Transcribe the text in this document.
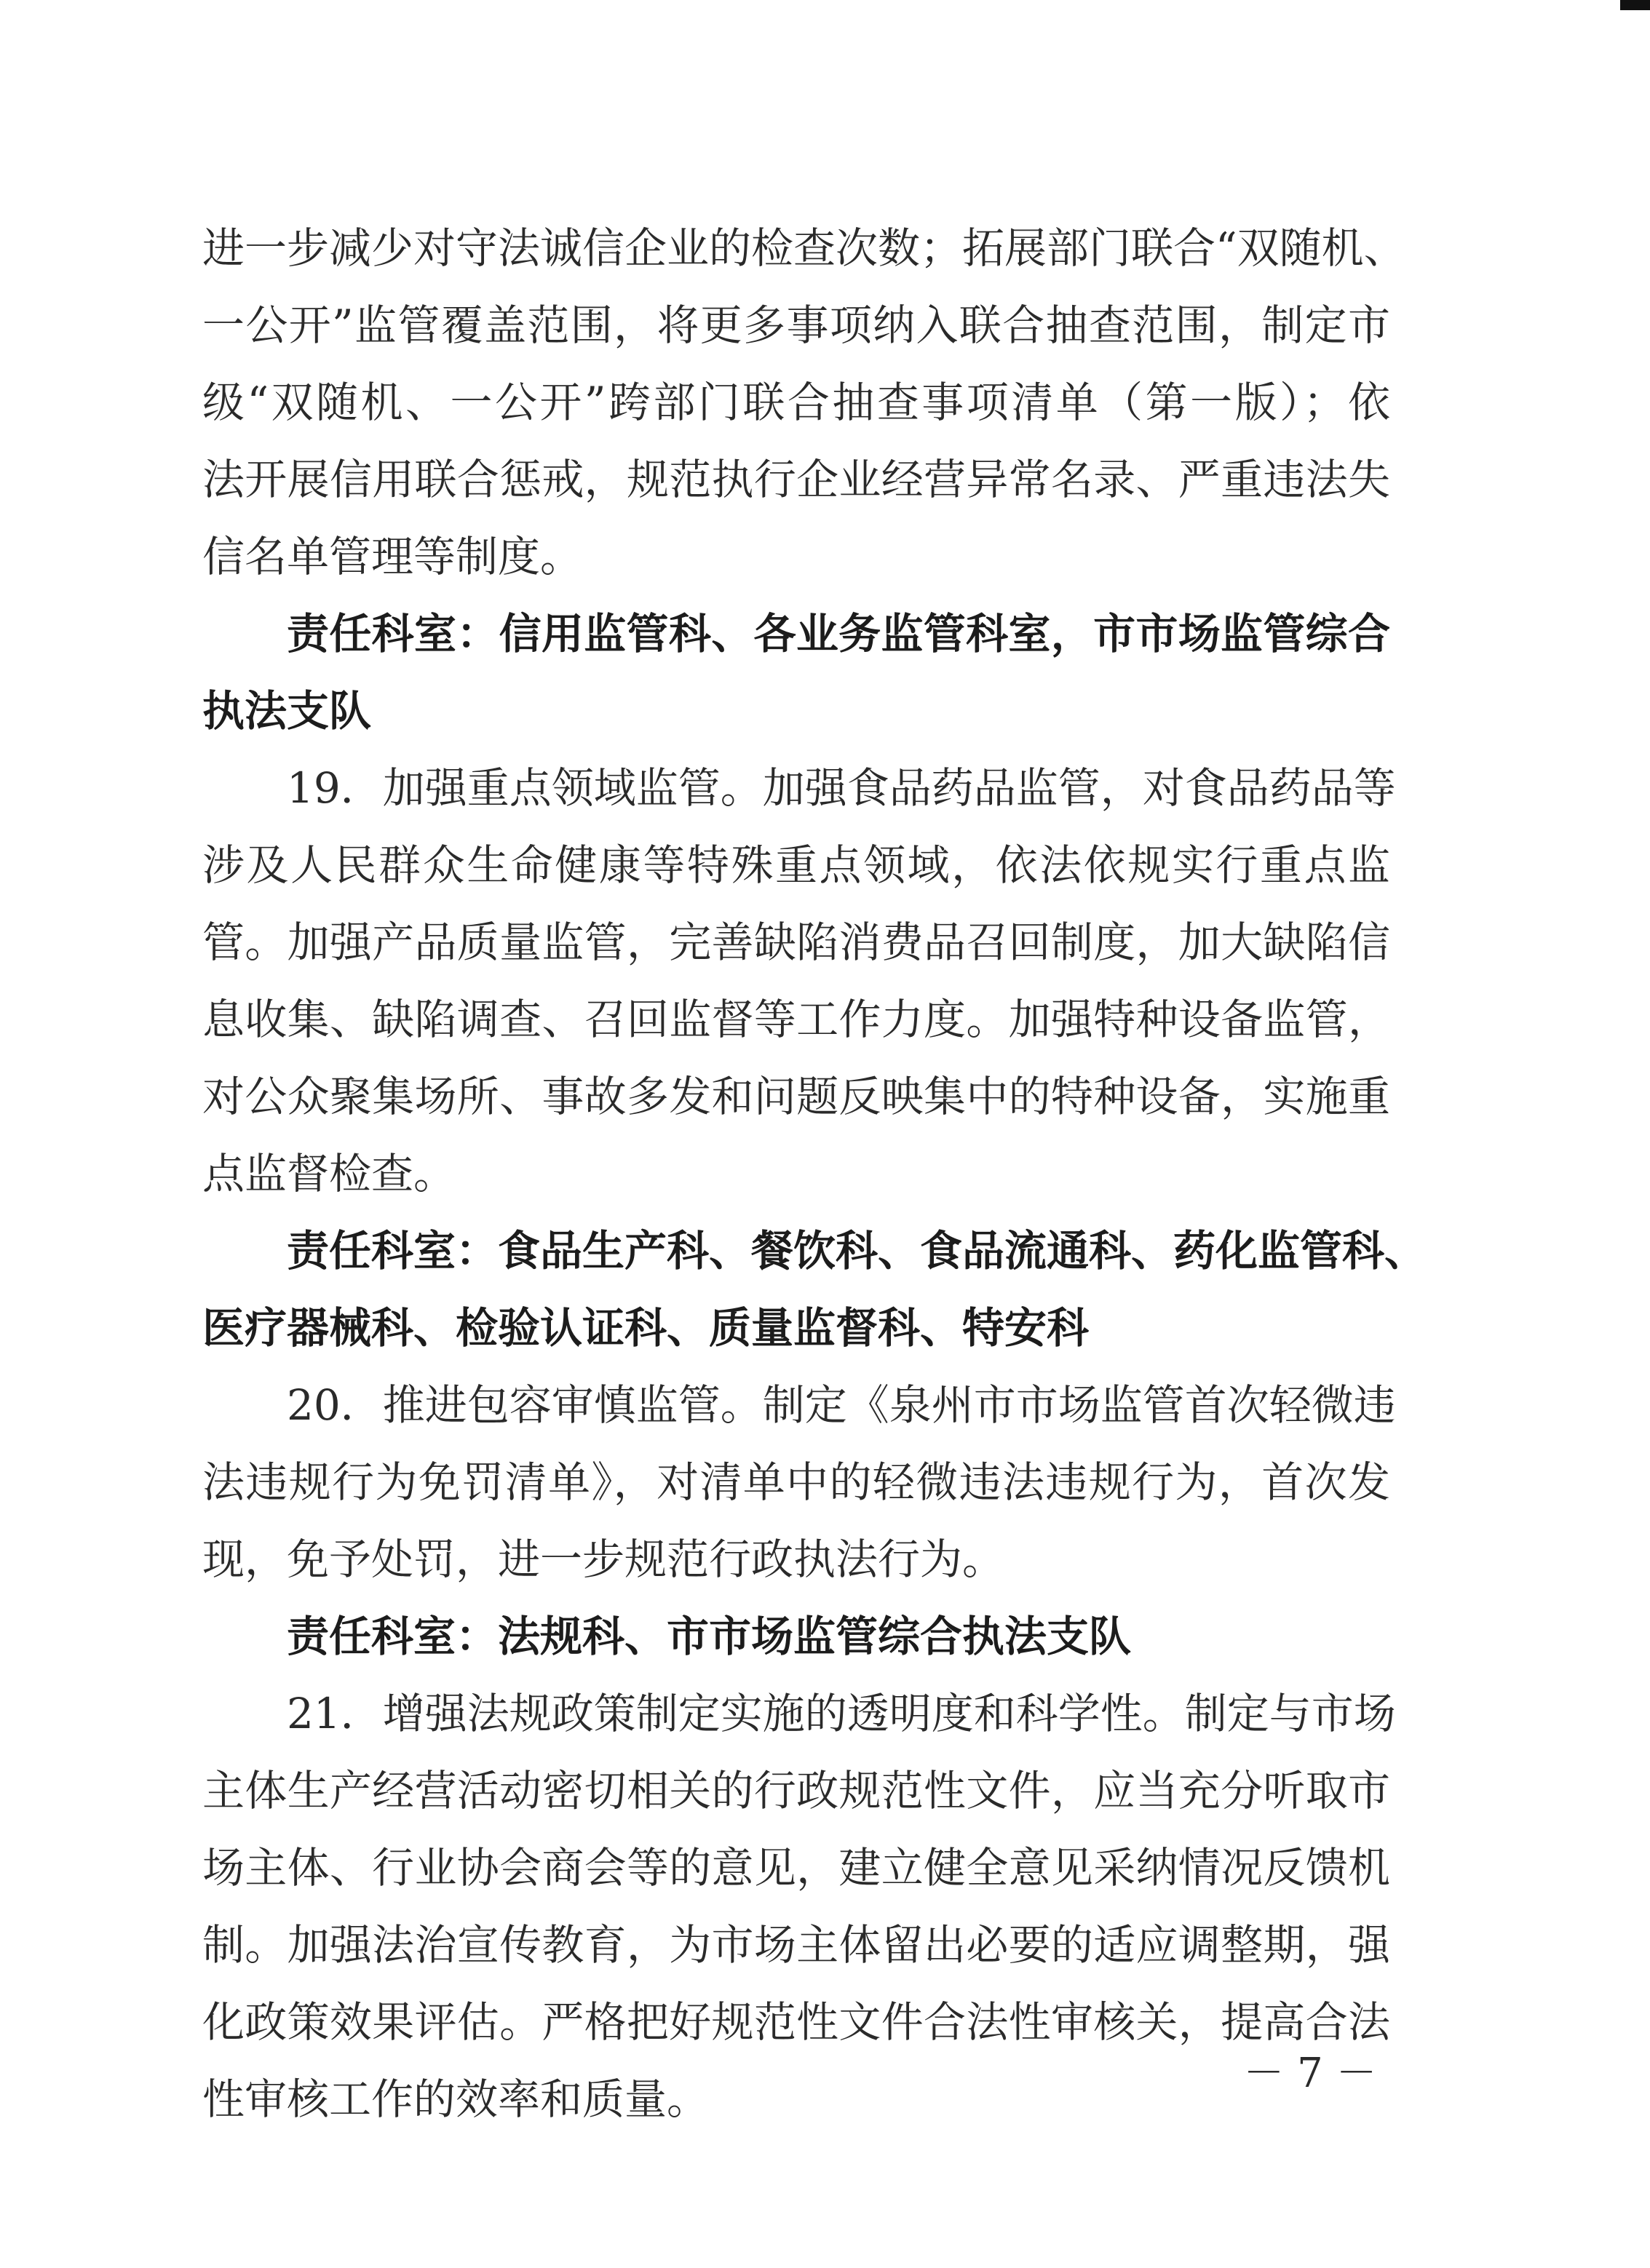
进一步减少对守法诚信企业的检查次数；拓展部门联合“双随机、
一公开”监管覆盖范围，将更多事项纳入联合抽查范围，制定市
级“双随机、一公开”跨部门联合抽查事项清单（第一版）；依
法开展信用联合惩戒，规范执行企业经营异常名录、严重违法失
信名单管理等制度。
责任科室：信用监管科、各业务监管科室，市市场监管综合
执法支队
19．加强重点领域监管。加强食品药品监管，对食品药品等
涉及人民群众生命健康等特殊重点领域，依法依规实行重点监
管。加强产品质量监管，完善缺陷消费品召回制度，加大缺陷信
息收集、缺陷调查、召回监督等工作力度。加强特种设备监管，
对公众聚集场所、事故多发和问题反映集中的特种设备，实施重
点监督检查。
责任科室：食品生产科、餐饮科、食品流通科、药化监管科、
医疗器械科、检验认证科、质量监督科、特安科
20．推进包容审慎监管。制定《泉州市市场监管首次轻微违
法违规行为免罚清单》，对清单中的轻微违法违规行为，首次发
现，免予处罚，进一步规范行政执法行为。
责任科室：法规科、市市场监管综合执法支队
21．增强法规政策制定实施的透明度和科学性。制定与市场
主体生产经营活动密切相关的行政规范性文件，应当充分听取市
场主体、行业协会商会等的意见，建立健全意见采纳情况反馈机
制。加强法治宣传教育，为市场主体留出必要的适应调整期，强
化政策效果评估。严格把好规范性文件合法性审核关，提高合法
性审核工作的效率和质量。
－ 7 －
